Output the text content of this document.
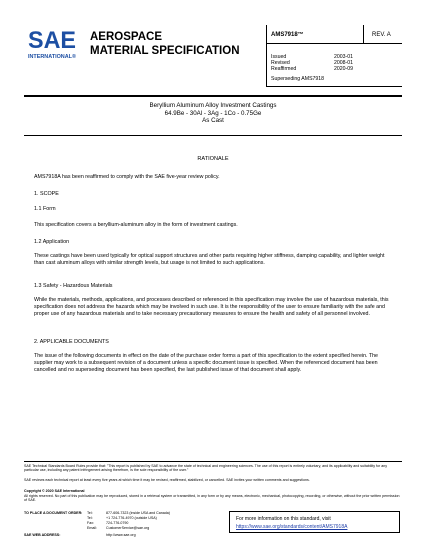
SAE
INTERNATIONAL®
AEROSPACE
MATERIAL SPECIFICATION
AMS7918™	REV. A
Issued	2003-01
Revised	2008-01
Reaffirmed	2020-09
Superseding AMS7918
Beryllium Aluminum Alloy Investment Castings
64.9Be - 30Al - 3Ag - 1Co - 0.75Ge
As Cast
RATIONALE
AMS7918A has been reaffirmed to comply with the SAE five-year review policy.
1. SCOPE
1.1 Form
This specification covers a beryllium-aluminum alloy in the form of investment castings.
1.2 Application
These castings have been used typically for optical support structures and other parts requiring higher stiffness, damping capability, and lighter weight than cast aluminum alloys with similar strength levels, but usage is not limited to such applications.
1.3 Safety - Hazardous Materials
While the materials, methods, applications, and processes described or referenced in this specification may involve the use of hazardous materials, this specification does not address the hazards which may be involved in such use. It is the responsibility of the user to ensure familiarity with the safe and proper use of any hazardous materials and to take necessary precautionary measures to ensure the health and safety of all personnel involved.
2. APPLICABLE DOCUMENTS
The issue of the following documents in effect on the date of the purchase order forms a part of this specification to the extent specified herein. The supplier may work to a subsequent revision of a document unless a specific document issue is specified. When the referenced document has been cancelled and no superseding document has been specified, the last published issue of that document shall apply.
SAE Technical Standards Board Rules provide that: "This report is published by SAE to advance the state of technical and engineering sciences. The use of this report is entirely voluntary, and its applicability and suitability for any particular use, including any patent infringement arising therefrom, is the sole responsibility of the user."
SAE reviews each technical report at least every five years at which time it may be revised, reaffirmed, stabilized, or cancelled. SAE invites your written comments and suggestions.
Copyright © 2020 SAE International
All rights reserved. No part of this publication may be reproduced, stored in a retrieval system or transmitted, in any form or by any means, electronic, mechanical, photocopying, recording, or otherwise, without the prior written permission of SAE.
TO PLACE A DOCUMENT ORDER: Tel:	877-606-7323 (inside USA and Canada)
Tel:	+1 724-776-4970 (outside USA)
Fax:	724-776-0790
Email:	CustomerService@sae.org
SAE WEB ADDRESS:	http://www.sae.org
For more information on this standard, visit
https://www.sae.org/standards/content/AMS7918A
